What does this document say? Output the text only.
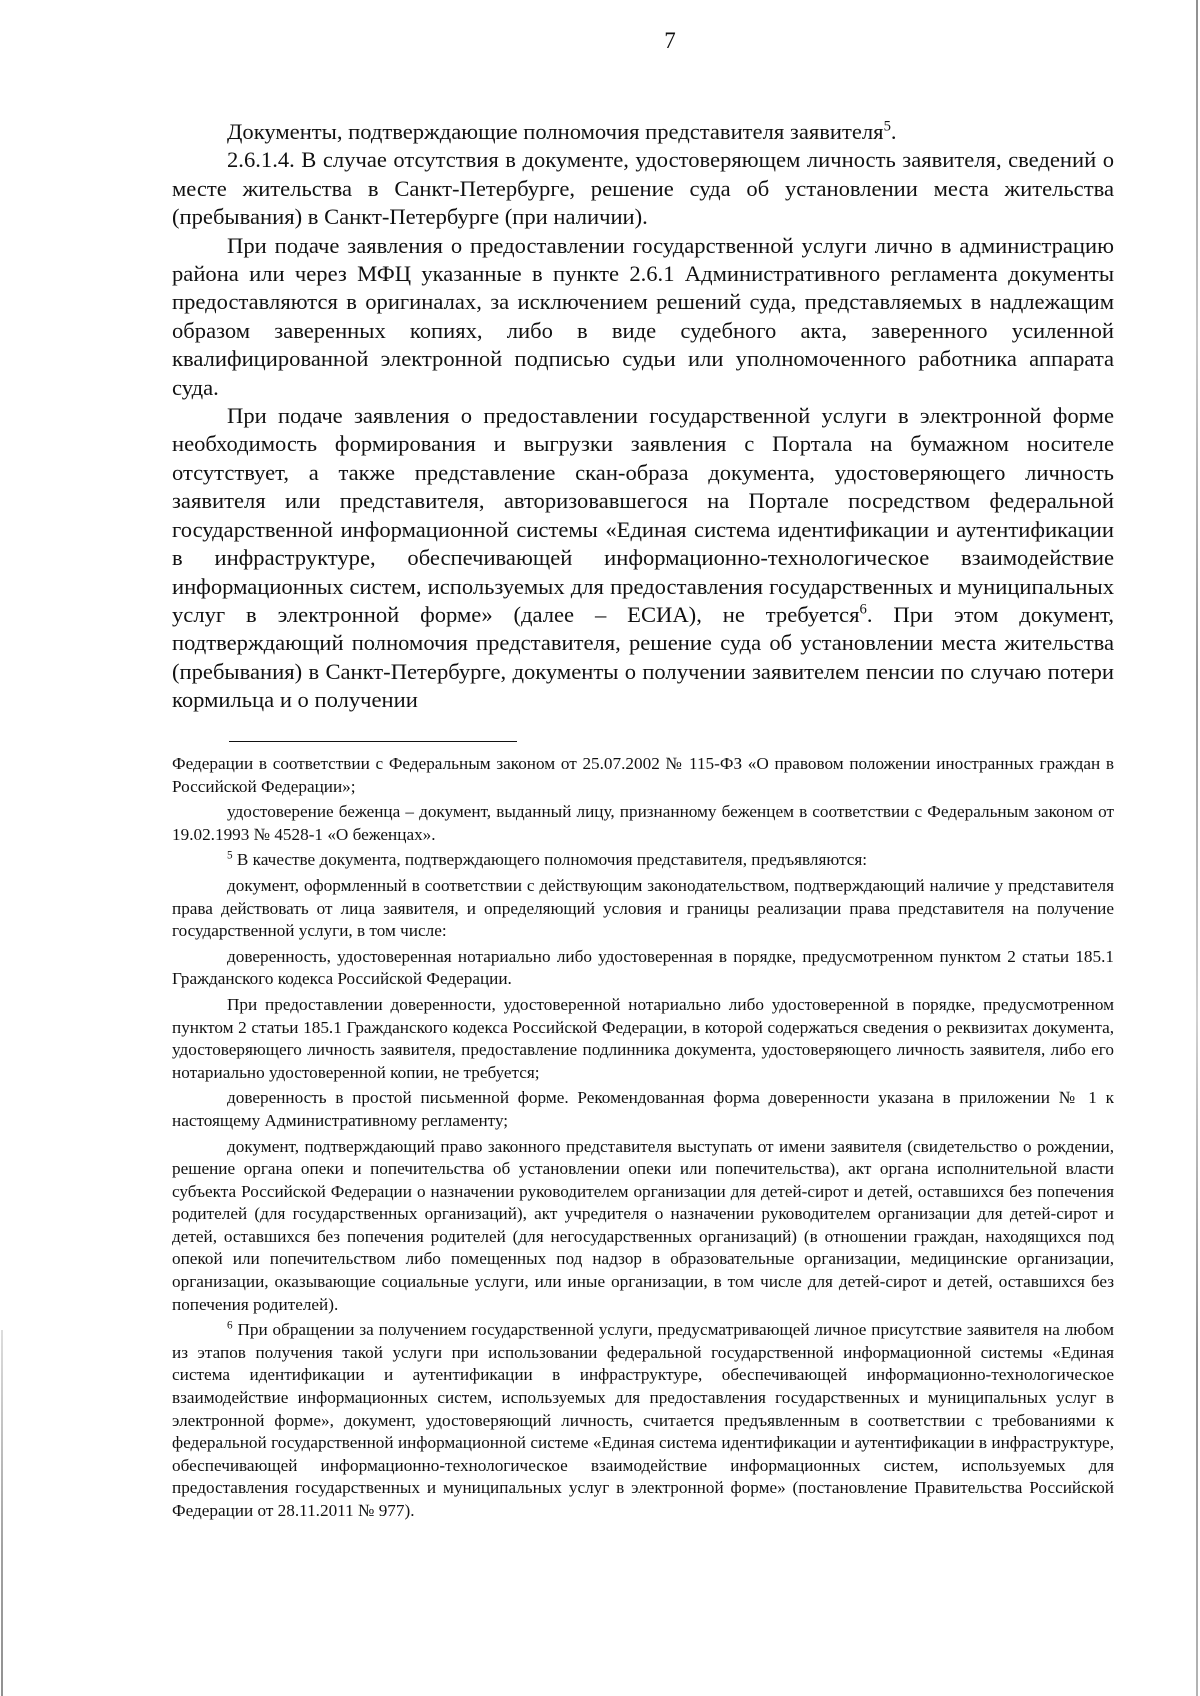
7

Документы, подтверждающие полномочия представителя заявителя$^5$.

2.6.1.4. В случае отсутствия в документе, удостоверяющем личность заявителя, сведений о месте жительства в Санкт-Петербурге, решение суда об установлении места жительства (пребывания) в Санкт-Петербурге (при наличии).

При подаче заявления о предоставлении государственной услуги лично в администрацию района или через МФЦ указанные в пункте 2.6.1 Административного регламента документы предоставляются в оригиналах, за исключением решений суда, представляемых в надлежащим образом заверенных копиях, либо в виде судебного акта, заверенного усиленной квалифицированной электронной подписью судьи или уполномоченного работника аппарата суда.

При подаче заявления о предоставлении государственной услуги в электронной форме необходимость формирования и выгрузки заявления с Портала на бумажном носителе отсутствует, а также представление скан-образа документа, удостоверяющего личность заявителя или представителя, авторизовавшегося на Портале посредством федеральной государственной информационной системы «Единая система идентификации и аутентификации в инфраструктуре, обеспечивающей информационно-технологическое взаимодействие информационных систем, используемых для предоставления государственных и муниципальных услуг в электронной форме» (далее – ЕСИА), не требуется$^6$. При этом документ, подтверждающий полномочия представителя, решение суда об установлении места жительства (пребывания) в Санкт-Петербурге, документы о получении заявителем пенсии по случаю потери кормильца и о получении

Федерации в соответствии с Федеральным законом от 25.07.2002 № 115-ФЗ «О правовом положении иностранных граждан в Российской Федерации»;

удостоверение беженца – документ, выданный лицу, признанному беженцем в соответствии с Федеральным законом от 19.02.1993 № 4528-1 «О беженцах».

$^5$ В качестве документа, подтверждающего полномочия представителя, предъявляются:

документ, оформленный в соответствии с действующим законодательством, подтверждающий наличие у представителя права действовать от лица заявителя, и определяющий условия и границы реализации права представителя на получение государственной услуги, в том числе:

доверенность, удостоверенная нотариально либо удостоверенная в порядке, предусмотренном пунктом 2 статьи 185.1 Гражданского кодекса Российской Федерации.

При предоставлении доверенности, удостоверенной нотариально либо удостоверенной в порядке, предусмотренном пунктом 2 статьи 185.1 Гражданского кодекса Российской Федерации, в которой содержаться сведения о реквизитах документа, удостоверяющего личность заявителя, предоставление подлинника документа, удостоверяющего личность заявителя, либо его нотариально удостоверенной копии, не требуется;

доверенность в простой письменной форме. Рекомендованная форма доверенности указана в приложении № 1 к настоящему Административному регламенту;

документ, подтверждающий право законного представителя выступать от имени заявителя (свидетельство о рождении, решение органа опеки и попечительства об установлении опеки или попечительства), акт органа исполнительной власти субъекта Российской Федерации о назначении руководителем организации для детей-сирот и детей, оставшихся без попечения родителей (для государственных организаций), акт учредителя о назначении руководителем организации для детей-сирот и детей, оставшихся без попечения родителей (для негосударственных организаций) (в отношении граждан, находящихся под опекой или попечительством либо помещенных под надзор в образовательные организации, медицинские организации, организации, оказывающие социальные услуги, или иные организации, в том числе для детей-сирот и детей, оставшихся без попечения родителей).

$^6$ При обращении за получением государственной услуги, предусматривающей личное присутствие заявителя на любом из этапов получения такой услуги при использовании федеральной государственной информационной системы «Единая система идентификации и аутентификации в инфраструктуре, обеспечивающей информационно-технологическое взаимодействие информационных систем, используемых для предоставления государственных и муниципальных услуг в электронной форме», документ, удостоверяющий личность, считается предъявленным в соответствии с требованиями к федеральной государственной информационной системе «Единая система идентификации и аутентификации в инфраструктуре, обеспечивающей информационно-технологическое взаимодействие информационных систем, используемых для предоставления государственных и муниципальных услуг в электронной форме» (постановление Правительства Российской Федерации от 28.11.2011 № 977).
